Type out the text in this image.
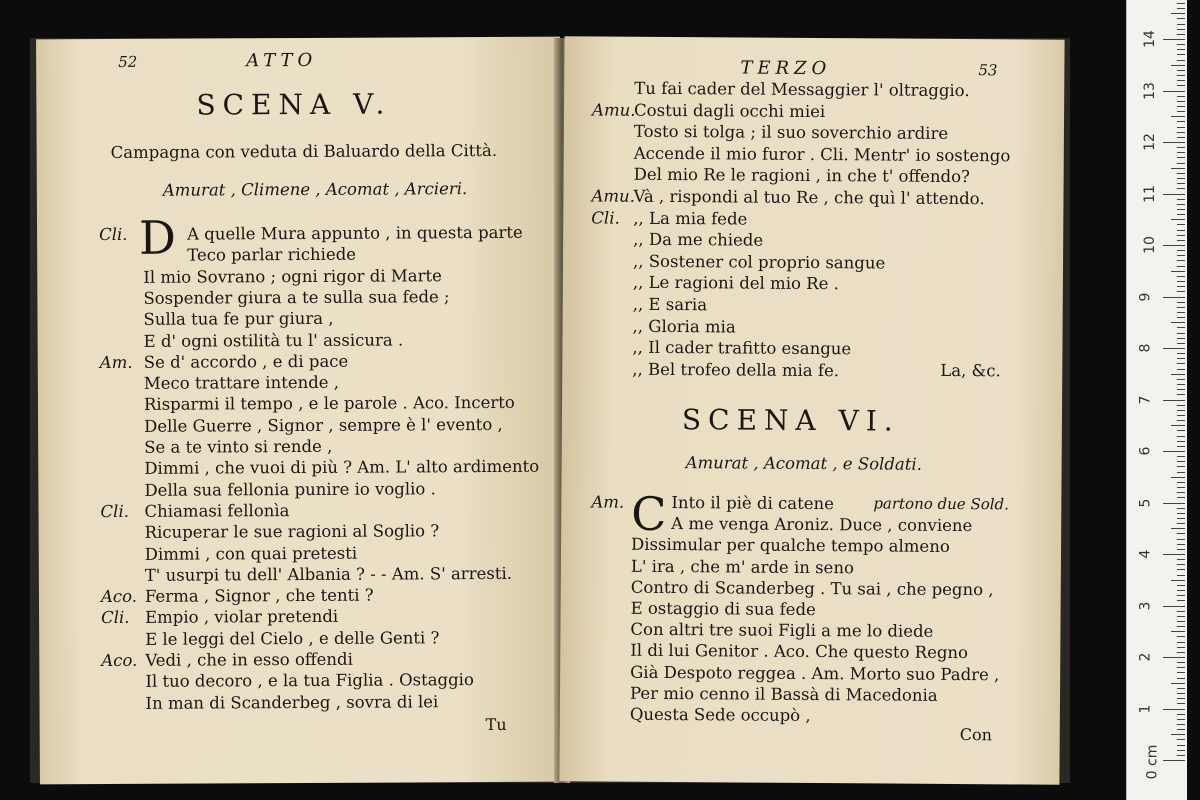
52	ATTO
SCENA V.
Campagna con veduta di Baluardo della Città.
Amurat , Climene , Acomat , Arcieri.
D
Cli.	A quelle Mura appunto , in questa parte
Teco parlar richiede
Il mio Sovrano ; ogni rigor di Marte
Sospender giura a te sulla sua fede ;
Sulla tua fe pur giura ,
E d' ogni ostilità tu l' assicura .
Am. Se d' accordo , e di pace
Meco trattare intende ,
Risparmi il tempo , e le parole . Aco. Incerto
Delle Guerre , Signor , sempre è l' evento ,
Se a te vinto si rende ,
Dimmi , che vuoi di più ? Am. L' alto ardimento
Della sua fellonia punire io voglio .
Cli. Chiamasi fellonìa
Ricuperar le sue ragioni al Soglio ?
Dimmi , con quai pretesti
T' usurpi tu dell' Albania ? - - Am. S' arresti.
Aco. Ferma , Signor , che tenti ?
Cli. Empio , violar pretendi
E le leggi del Cielo , e delle Genti ?
Aco. Vedi , che in esso offendi
Il tuo decoro , e la tua Figlia . Ostaggio
In man di Scanderbeg , sovra di lei
Tu
TERZO	53
Tu fai cader del Messaggier l' oltraggio.
Amu.
Costui dagli occhi miei
Tosto si tolga ; il suo soverchio ardire
Accende il mio furor . Cli. Mentr' io sostengo
Del mio Re le ragioni , in che t' offendo?
Amu.
Và , rispondi al tuo Re , che quì l' attendo.
Cli. ,, La mia fede
,, Da me chiede
,, Sostener col proprio sangue
,, Le ragioni del mio Re .
,, E saria
,, Gloria mia
,, Il cader trafitto esangue
,, Bel trofeo della mia fe.	La, &c.
SCENA VI.
Amurat , Acomat , e Soldati.
C	partono due Sold.
Am.	Into il piè di catene
A me venga Aroniz. Duce , conviene
Dissimular per qualche tempo almeno
L' ira , che m' arde in seno
Contro di Scanderbeg . Tu sai , che pegno ,
E ostaggio di sua fede
Con altri tre suoi Figli a me lo diede
Il di lui Genitor . Aco. Che questo Regno
Già Despoto reggea . Am. Morto suo Padre ,
Per mio cenno il Bassà di Macedonia
Questa Sede occupò ,
Con
1
2
3
4
5
6
7
8
9
10
11
12
13
14
0 cm
